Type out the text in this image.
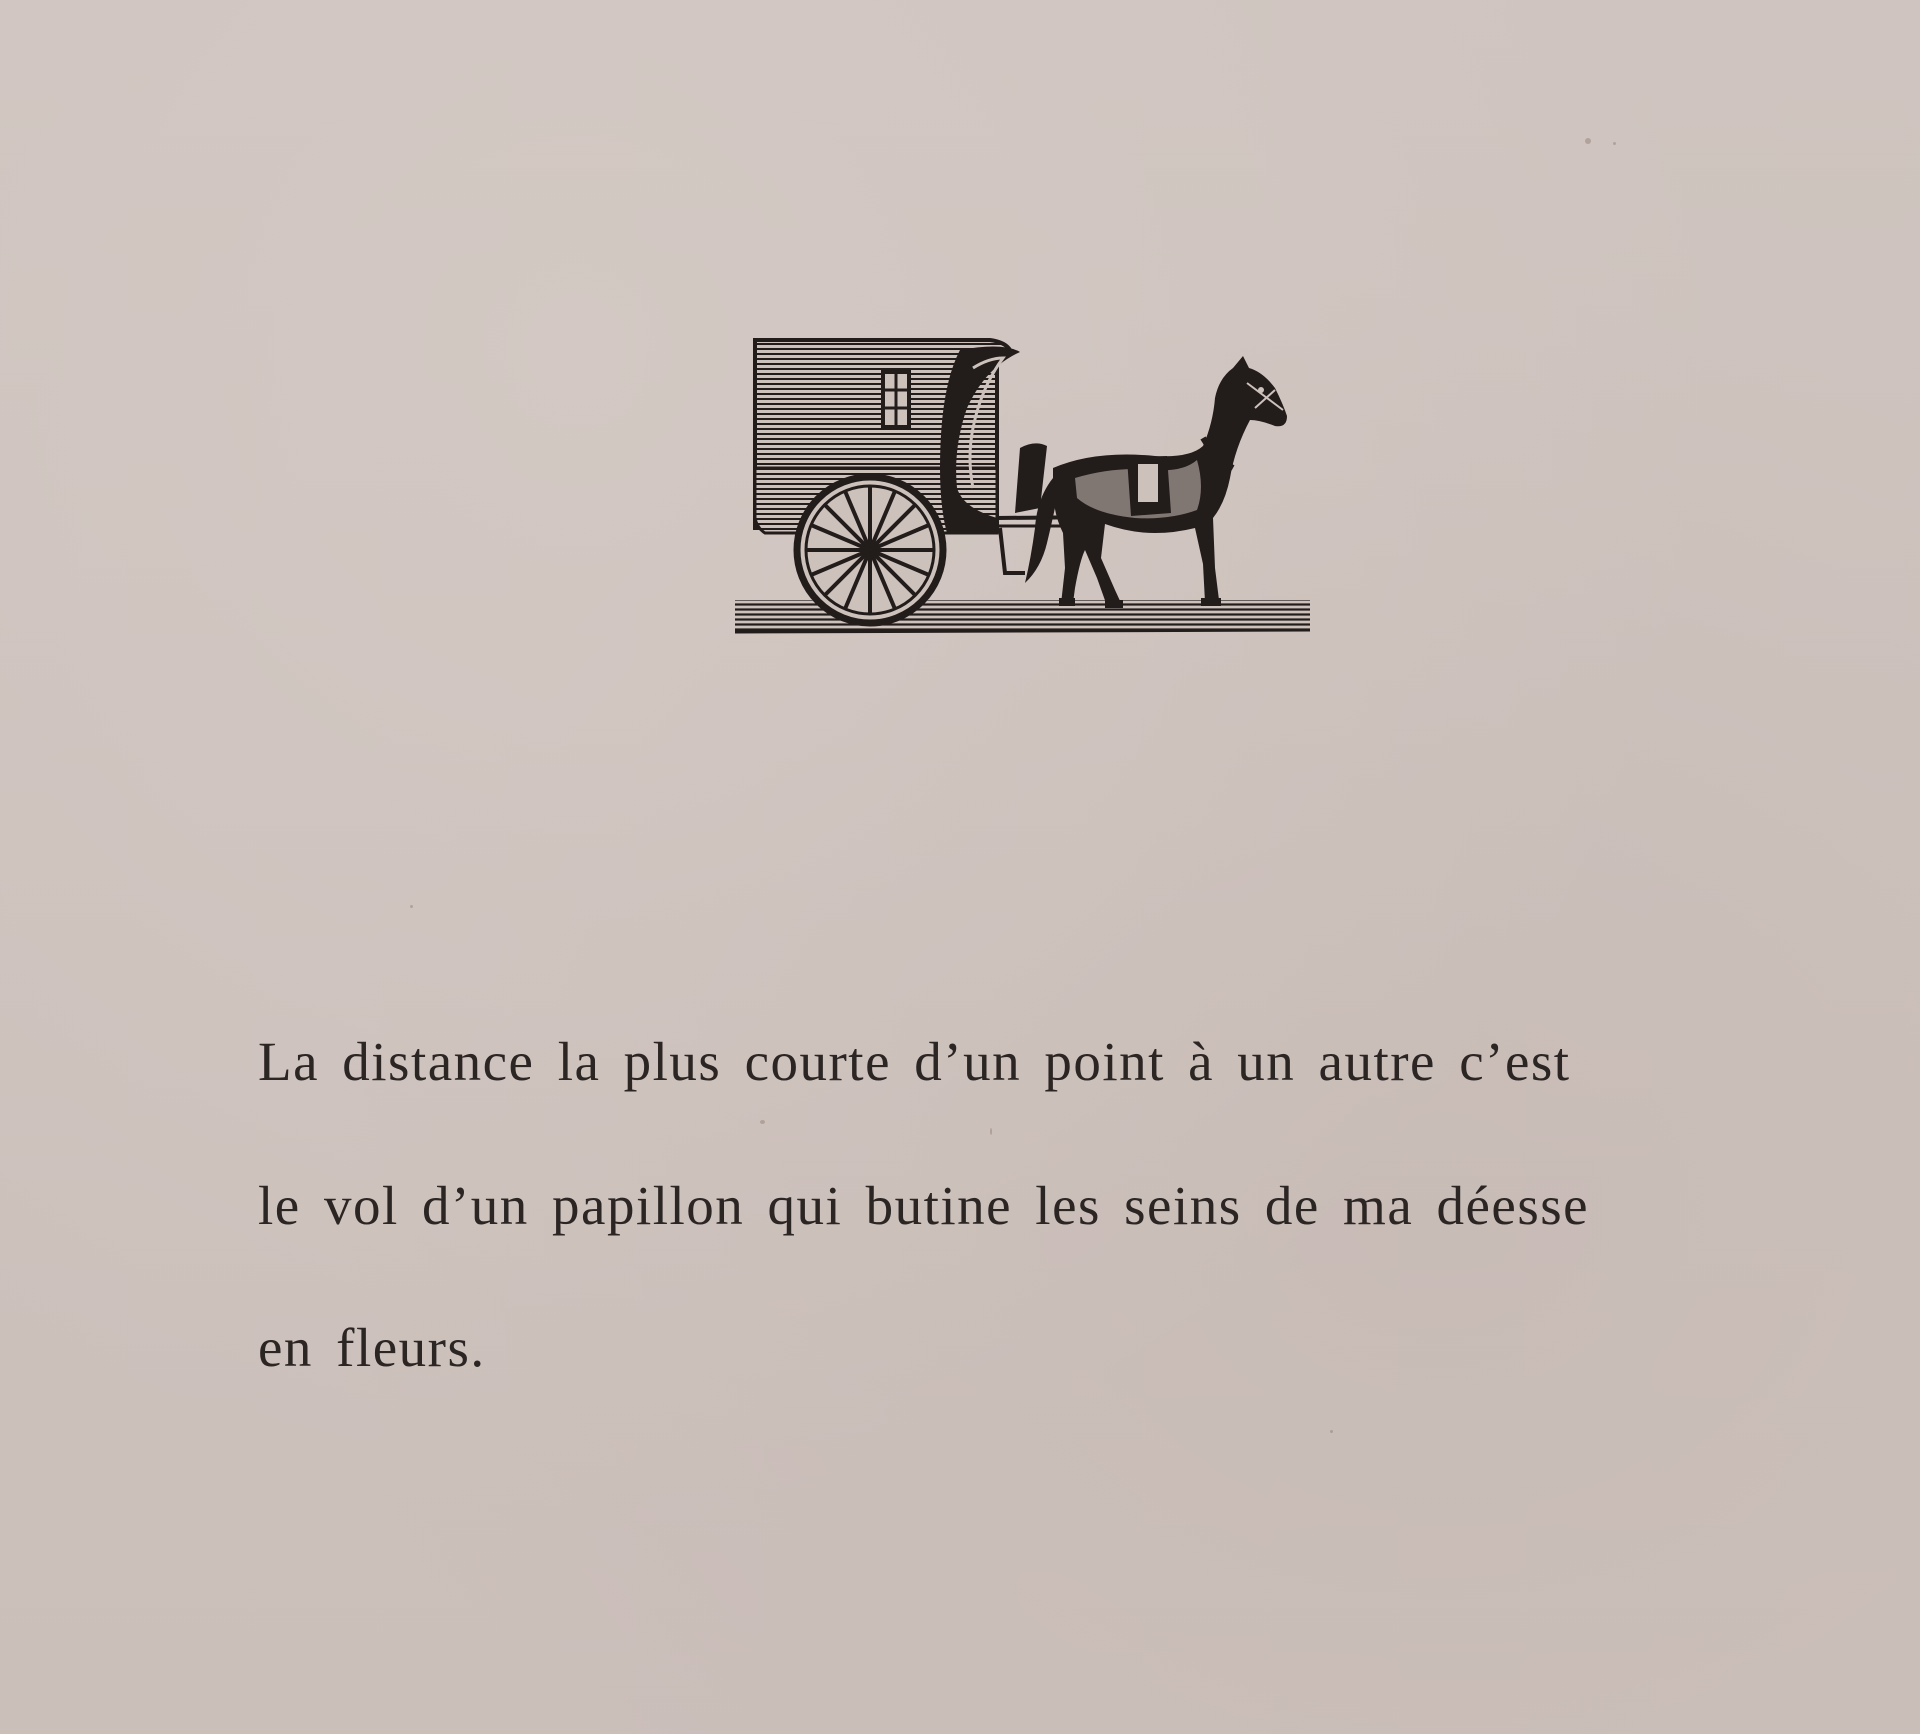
La distance la plus courte d’un point à un autre c’est
le vol d’un papillon qui butine les seins de ma déesse
en fleurs.
